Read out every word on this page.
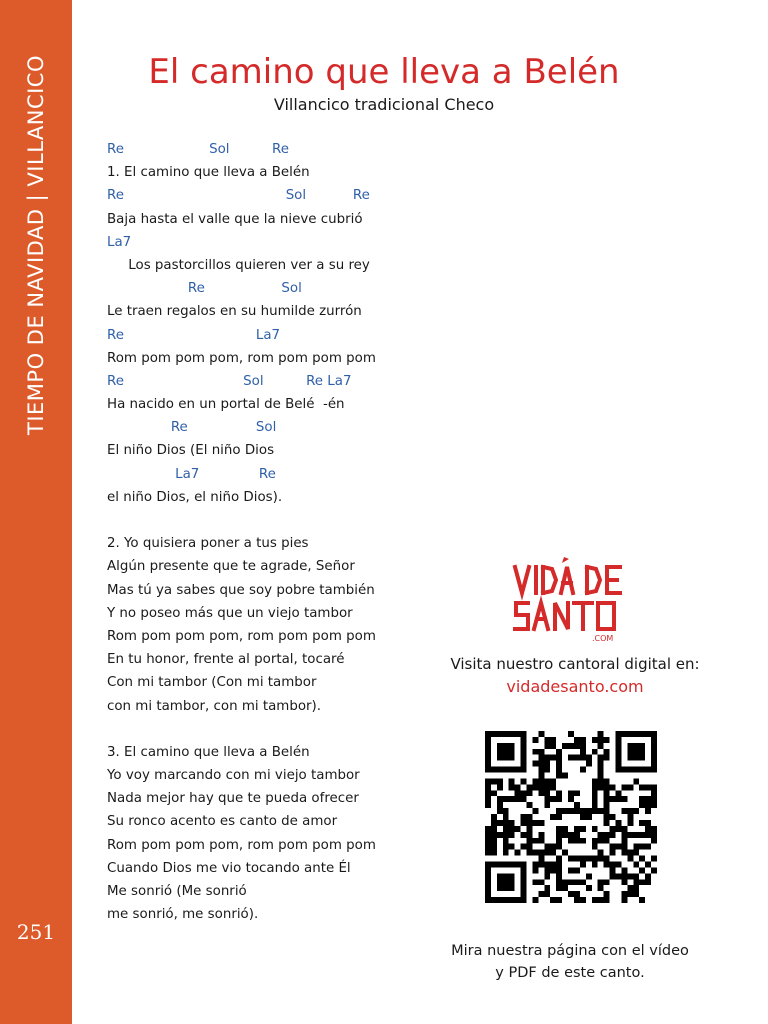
TIEMPO DE NAVIDAD | VILLANCICO
251
El camino que lleva a Belén
Villancico tradicional Checo
Re                    Sol          Re
1. El camino que lleva a Belén
Re                                      Sol           Re
Baja hasta el valle que la nieve cubrió
La7
Los pastorcillos quieren ver a su rey
Re                  Sol
Le traen regalos en su humilde zurrón
Re                               La7
Rom pom pom pom, rom pom pom pom
Re                            Sol          Re La7
Ha nacido en un portal de Belé  -én
Re                Sol
El niño Dios (El niño Dios
La7              Re
el niño Dios, el niño Dios).
2. Yo quisiera poner a tus pies
Algún presente que te agrade, Señor
Mas tú ya sabes que soy pobre también
Y no poseo más que un viejo tambor
Rom pom pom pom, rom pom pom pom
En tu honor, frente al portal, tocaré
Con mi tambor (Con mi tambor
con mi tambor, con mi tambor).
3. El camino que lleva a Belén
Yo voy marcando con mi viejo tambor
Nada mejor hay que te pueda ofrecer
Su ronco acento es canto de amor
Rom pom pom pom, rom pom pom pom
Cuando Dios me vio tocando ante Él
Me sonrió (Me sonrió
me sonrió, me sonrió).
.COM
Visita nuestro cantoral digital en:
vidadesanto.com
Mira nuestra página con el vídeo
y PDF de este canto.
